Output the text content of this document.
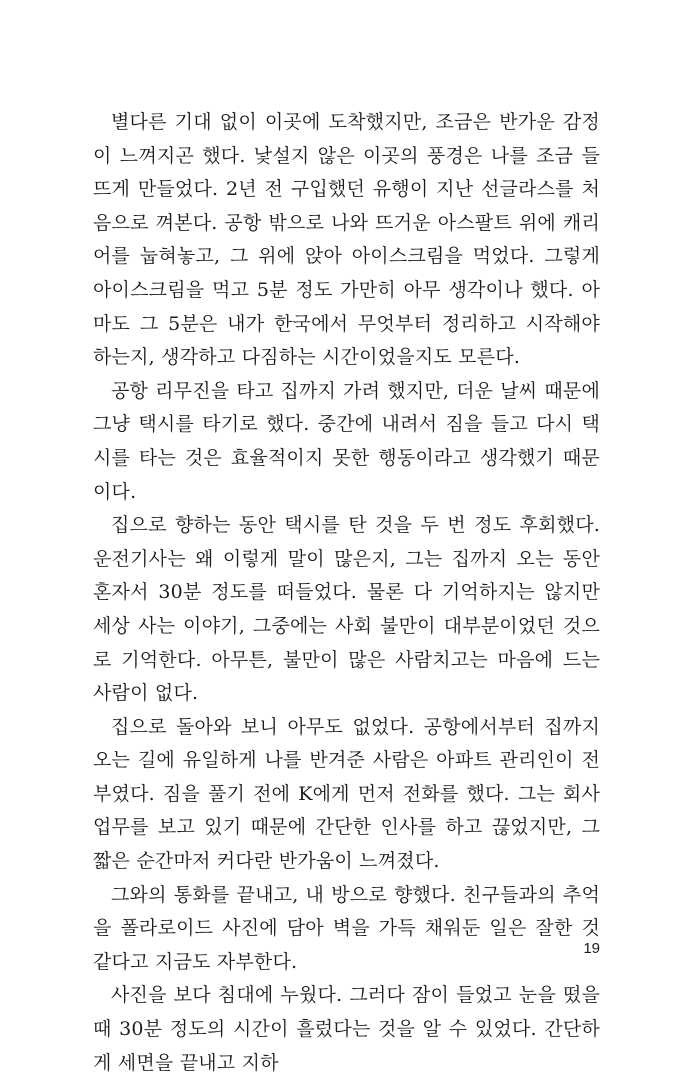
별다른 기대 없이 이곳에 도착했지만, 조금은 반가운 감정이 느껴지곤 했다. 낯설지 않은 이곳의 풍경은 나를 조금 들뜨게 만들었다. 2년 전 구입했던 유행이 지난 선글라스를 처음으로 껴본다. 공항 밖으로 나와 뜨거운 아스팔트 위에 캐리어를 눕혀놓고, 그 위에 앉아 아이스크림을 먹었다. 그렇게 아이스크림을 먹고 5분 정도 가만히 아무 생각이나 했다. 아마도 그 5분은 내가 한국에서 무엇부터 정리하고 시작해야 하는지, 생각하고 다짐하는 시간이었을지도 모른다.

공항 리무진을 타고 집까지 가려 했지만, 더운 날씨 때문에 그냥 택시를 타기로 했다. 중간에 내려서 짐을 들고 다시 택시를 타는 것은 효율적이지 못한 행동이라고 생각했기 때문이다.

집으로 향하는 동안 택시를 탄 것을 두 번 정도 후회했다. 운전기사는 왜 이렇게 말이 많은지, 그는 집까지 오는 동안 혼자서 30분 정도를 떠들었다. 물론 다 기억하지는 않지만 세상 사는 이야기, 그중에는 사회 불만이 대부분이었던 것으로 기억한다. 아무튼, 불만이 많은 사람치고는 마음에 드는 사람이 없다.

집으로 돌아와 보니 아무도 없었다. 공항에서부터 집까지 오는 길에 유일하게 나를 반겨준 사람은 아파트 관리인이 전부였다. 짐을 풀기 전에 K에게 먼저 전화를 했다. 그는 회사 업무를 보고 있기 때문에 간단한 인사를 하고 끊었지만, 그 짧은 순간마저 커다란 반가움이 느껴졌다.

그와의 통화를 끝내고, 내 방으로 향했다. 친구들과의 추억을 폴라로이드 사진에 담아 벽을 가득 채워둔 일은 잘한 것 같다고 지금도 자부한다.

사진을 보다 침대에 누웠다. 그러다 잠이 들었고 눈을 떴을 때 30분 정도의 시간이 흘렀다는 것을 알 수 있었다. 간단하게 세면을 끝내고 지하

19
